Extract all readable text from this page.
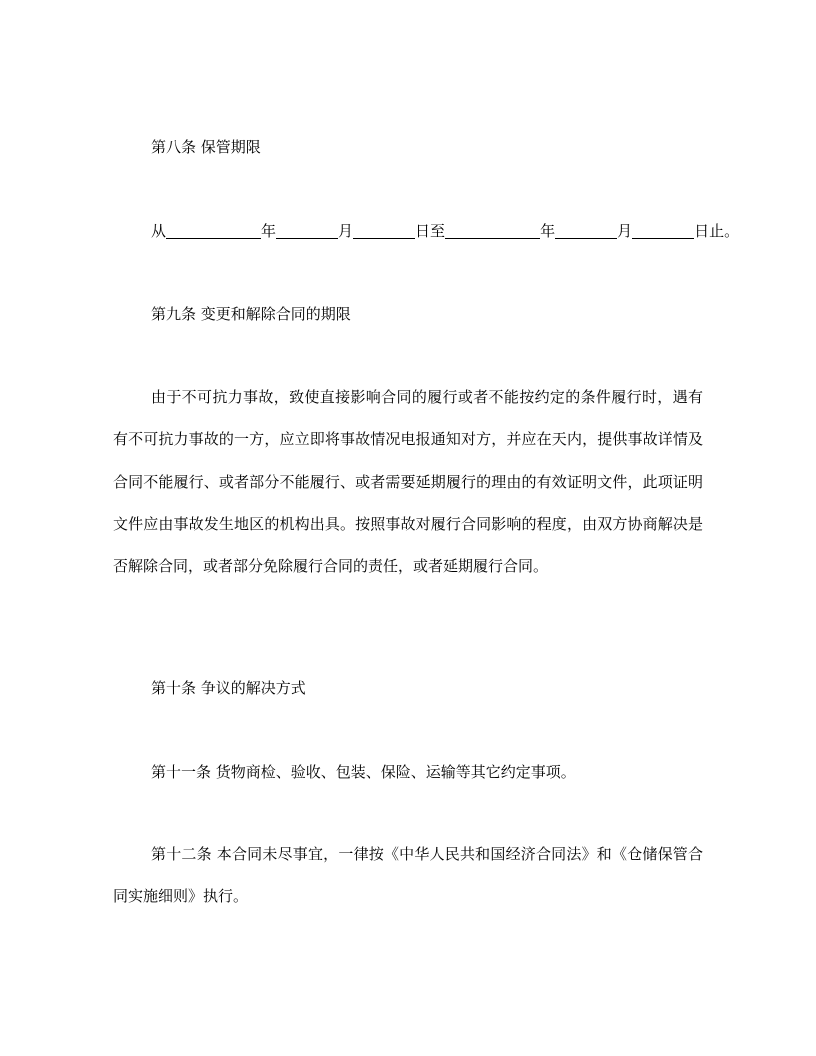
第八条 保管期限
从	年	月	日至	年	月	日止。
第九条 变更和解除合同的期限
由于不可抗力事故，致使直接影响合同的履行或者不能按约定的条件履行时，遇有有不可抗力事故的一方，应立即将事故情况电报通知对方，并应在天内，提供事故详情及合同不能履行、或者部分不能履行、或者需要延期履行的理由的有效证明文件，此项证明文件应由事故发生地区的机构出具。按照事故对履行合同影响的程度，由双方协商解决是否解除合同，或者部分免除履行合同的责任，或者延期履行合同。
第十条 争议的解决方式
第十一条 货物商检、验收、包装、保险、运输等其它约定事项。
第十二条 本合同未尽事宜，一律按《中华人民共和国经济合同法》和《仓储保管合同实施细则》执行。
